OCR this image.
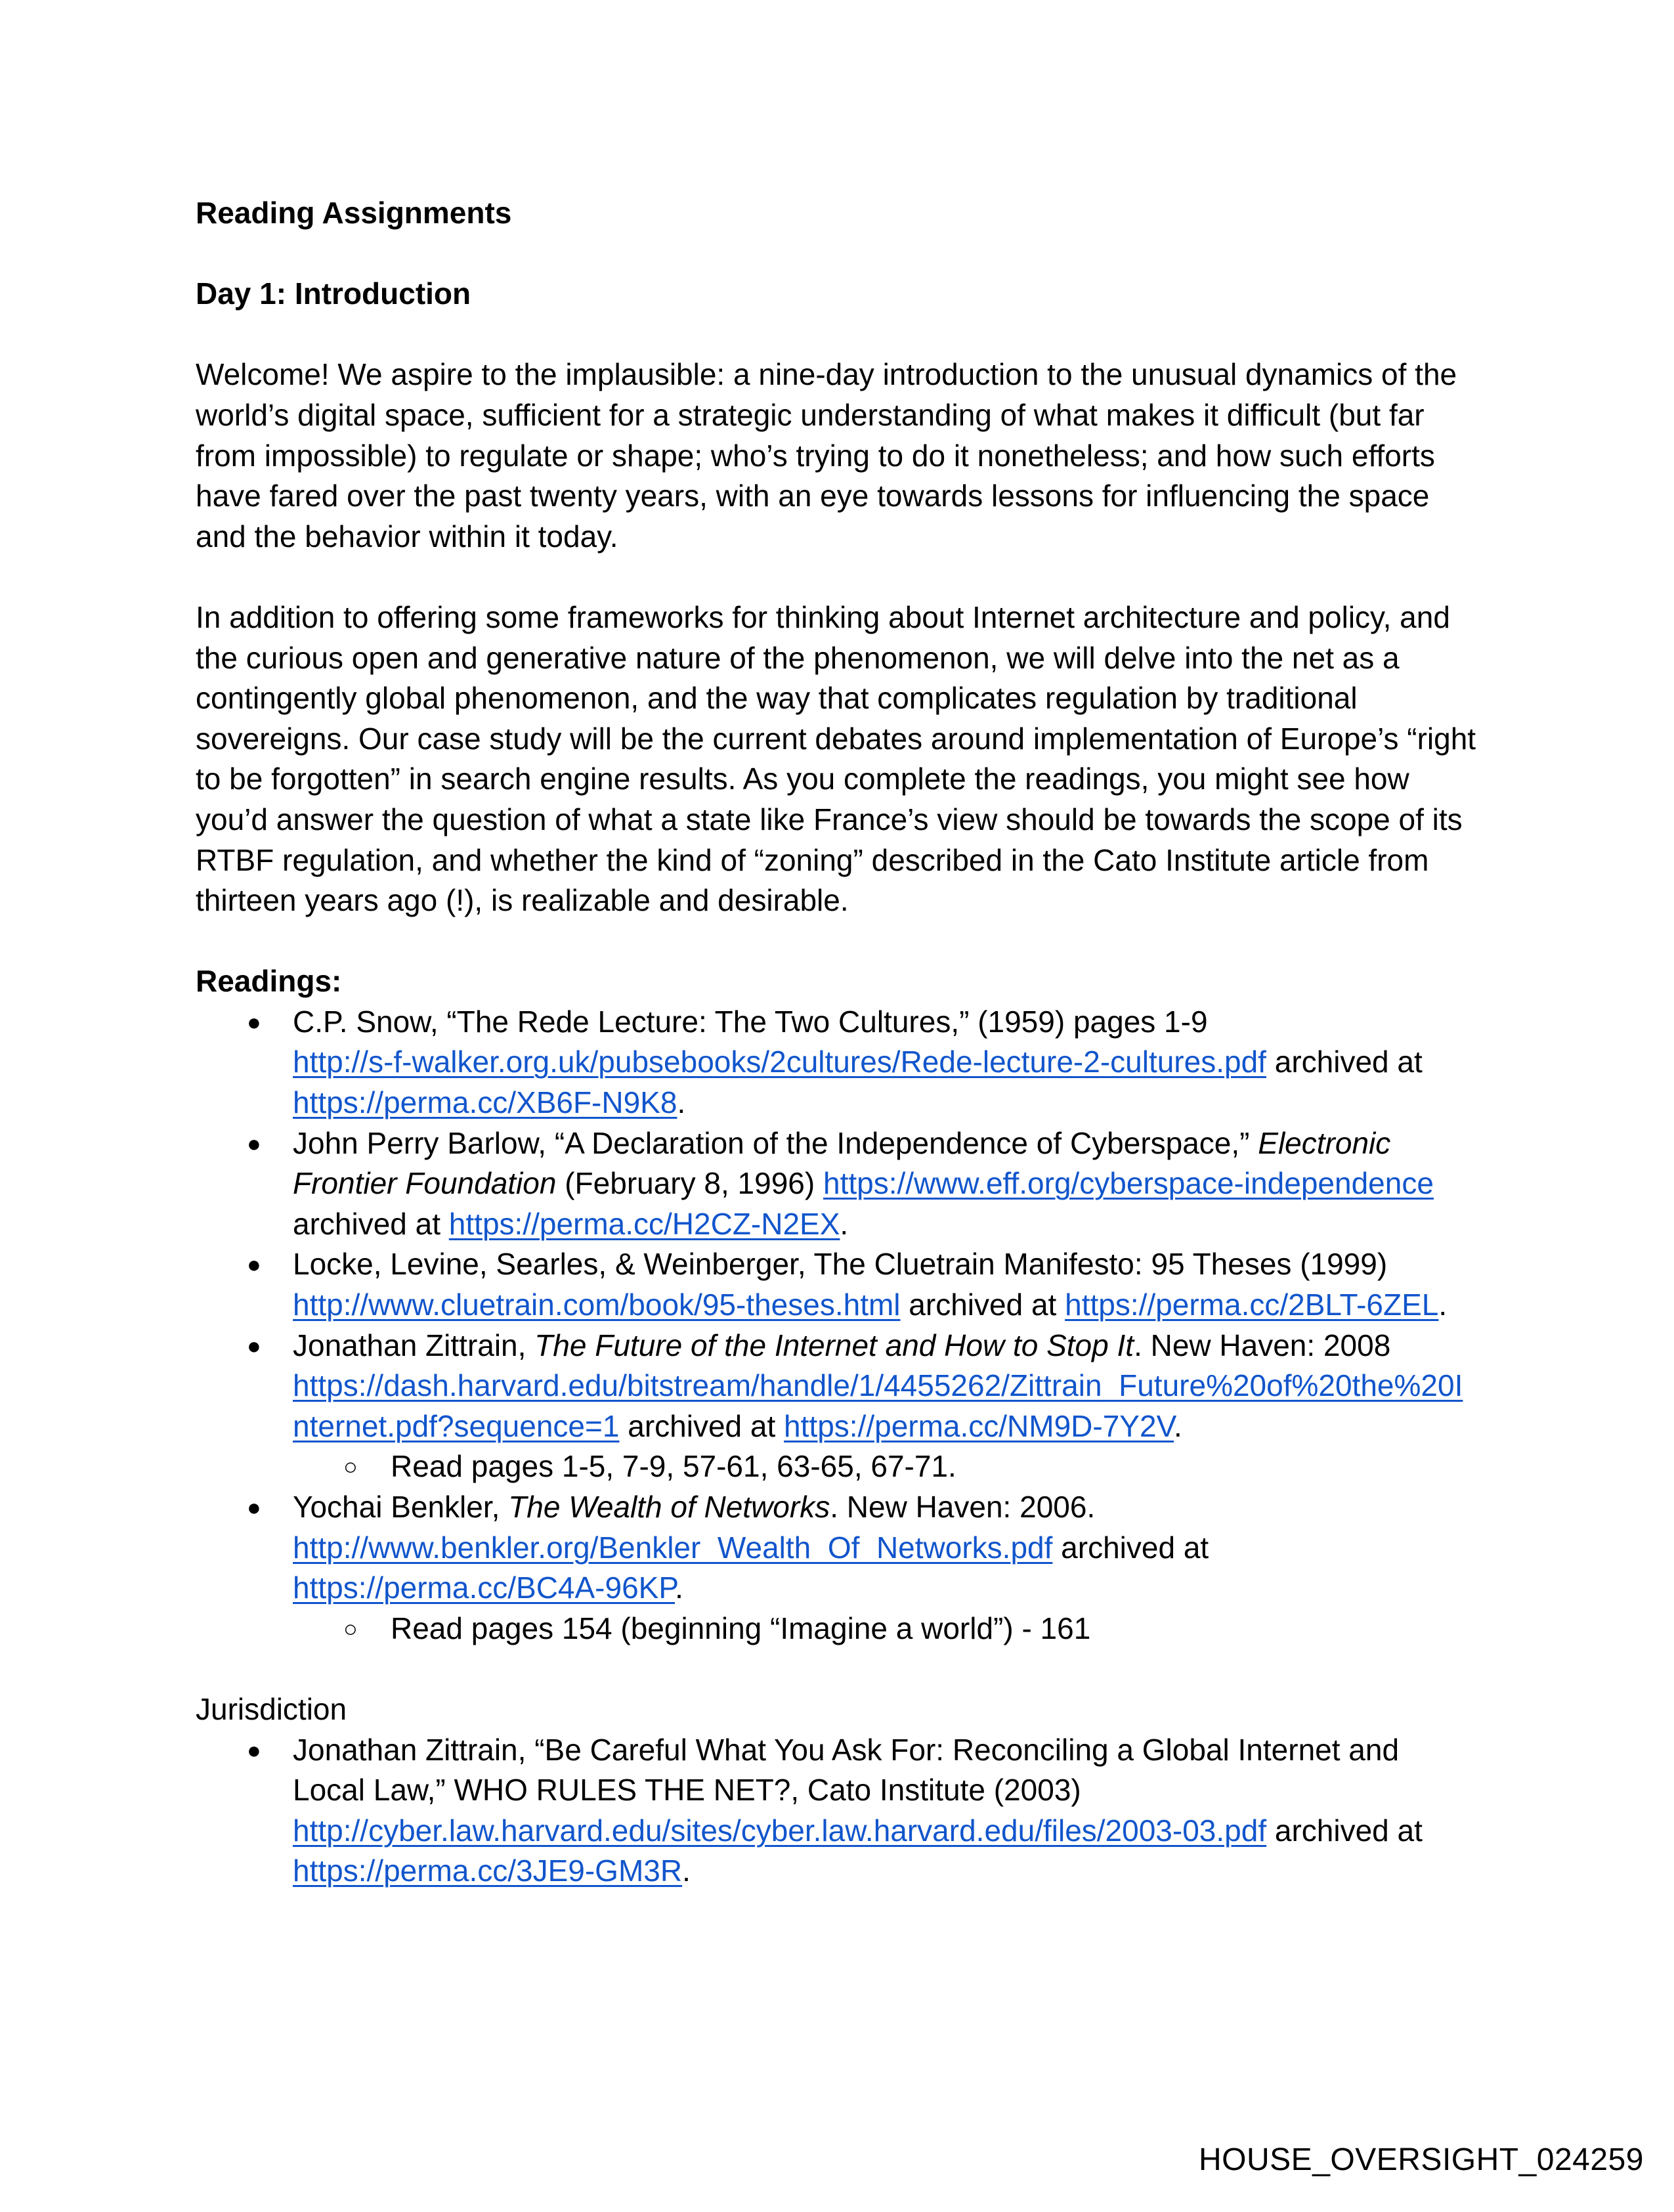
Reading Assignments
Day 1: Introduction
Welcome! We aspire to the implausible: a nine-day introduction to the unusual dynamics of the
world’s digital space, sufficient for a strategic understanding of what makes it difficult (but far
from impossible) to regulate or shape; who’s trying to do it nonetheless; and how such efforts
have fared over the past twenty years, with an eye towards lessons for influencing the space
and the behavior within it today.
In addition to offering some frameworks for thinking about Internet architecture and policy, and
the curious open and generative nature of the phenomenon, we will delve into the net as a
contingently global phenomenon, and the way that complicates regulation by traditional
sovereigns. Our case study will be the current debates around implementation of Europe’s “right
to be forgotten” in search engine results. As you complete the readings, you might see how
you’d answer the question of what a state like France’s view should be towards the scope of its
RTBF regulation, and whether the kind of “zoning” described in the Cato Institute article from
thirteen years ago (!), is realizable and desirable.
Readings:
● C.P. Snow, “The Rede Lecture: The Two Cultures,” (1959) pages 1-9
http://s-f-walker.org.uk/pubsebooks/2cultures/Rede-lecture-2-cultures.pdf archived at
https://perma.cc/XB6F-N9K8.
● John Perry Barlow, “A Declaration of the Independence of Cyberspace,” Electronic
Frontier Foundation (February 8, 1996) https://www.eff.org/cyberspace-independence
archived at https://perma.cc/H2CZ-N2EX.
● Locke, Levine, Searles, & Weinberger, The Cluetrain Manifesto: 95 Theses (1999)
http://www.cluetrain.com/book/95-theses.html archived at https://perma.cc/2BLT-6ZEL.
● Jonathan Zittrain, The Future of the Internet and How to Stop It. New Haven: 2008
https://dash.harvard.edu/bitstream/handle/1/4455262/Zittrain_Future%20of%20the%20I
nternet.pdf?sequence=1 archived at https://perma.cc/NM9D-7Y2V.
○ Read pages 1-5, 7-9, 57-61, 63-65, 67-71.
● Yochai Benkler, The Wealth of Networks. New Haven: 2006.
http://www.benkler.org/Benkler_Wealth_Of_Networks.pdf archived at
https://perma.cc/BC4A-96KP.
○ Read pages 154 (beginning “Imagine a world”) - 161
Jurisdiction
● Jonathan Zittrain, “Be Careful What You Ask For: Reconciling a Global Internet and
Local Law,” WHO RULES THE NET?, Cato Institute (2003)
http://cyber.law.harvard.edu/sites/cyber.law.harvard.edu/files/2003-03.pdf archived at
https://perma.cc/3JE9-GM3R.
HOUSE_OVERSIGHT_024259
